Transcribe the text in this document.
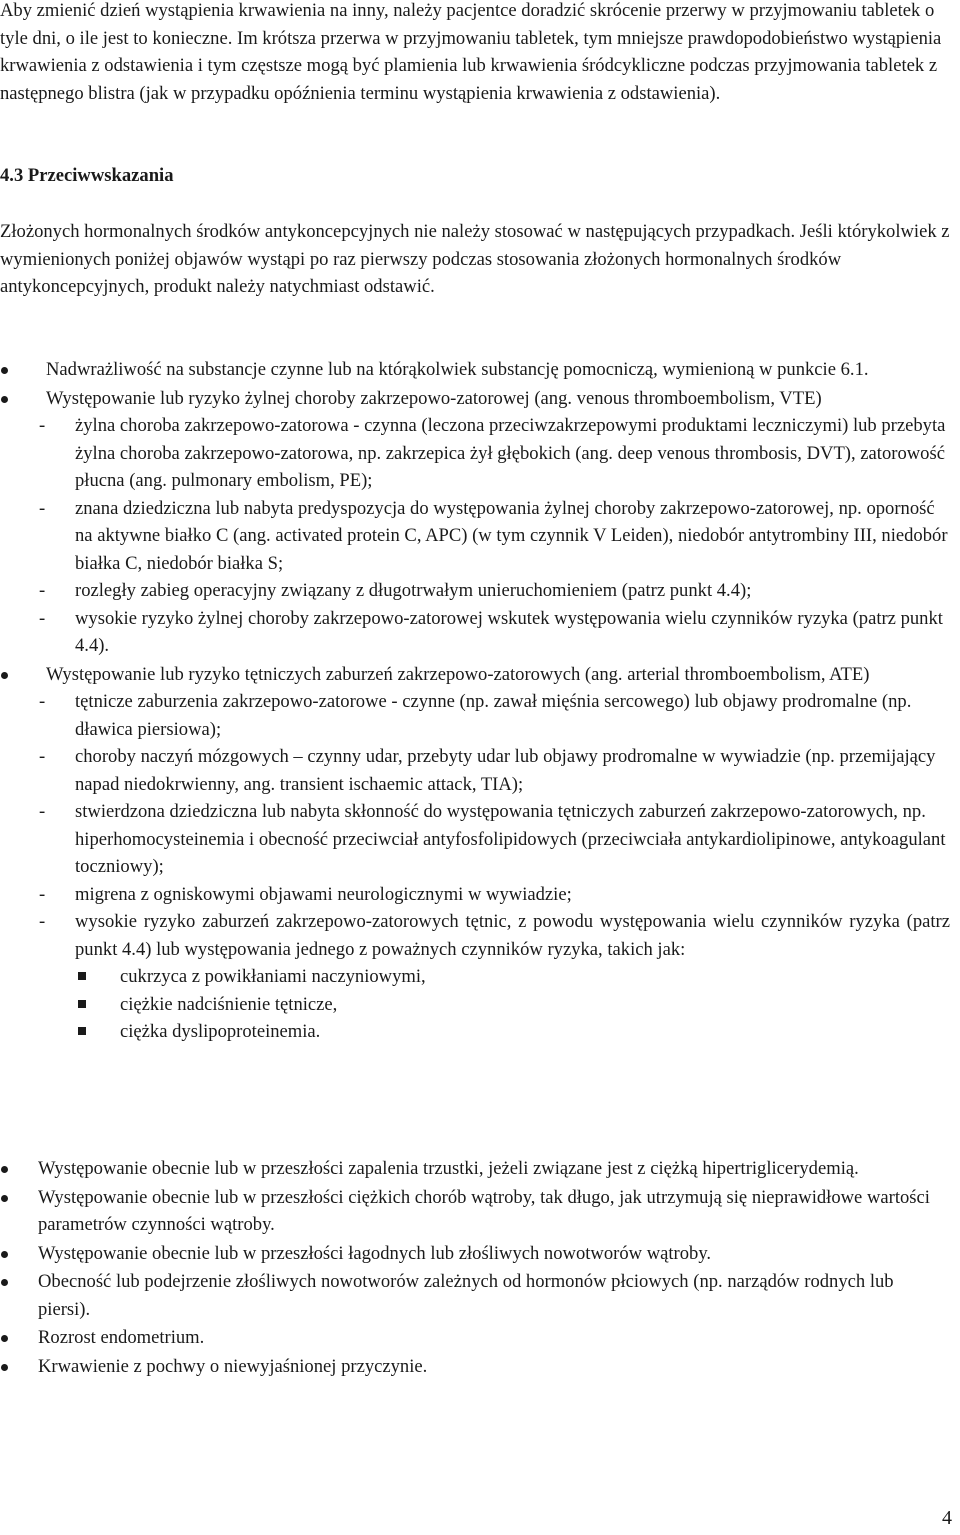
Aby zmienić dzień wystąpienia krwawienia na inny, należy pacjentce doradzić skrócenie przerwy w przyjmowaniu tabletek o tyle dni, o ile jest to konieczne. Im krótsza przerwa w przyjmowaniu tabletek, tym mniejsze prawdopodobieństwo wystąpienia krwawienia z odstawienia i tym częstsze mogą być plamienia lub krwawienia śródcykliczne podczas przyjmowania tabletek z następnego blistra (jak w przypadku opóźnienia terminu wystąpienia krwawienia z odstawienia).
4.3 Przeciwwskazania
Złożonych hormonalnych środków antykoncepcyjnych nie należy stosować w następujących przypadkach. Jeśli którykolwiek z wymienionych poniżej objawów wystąpi po raz pierwszy podczas stosowania złożonych hormonalnych środków antykoncepcyjnych, produkt należy natychmiast odstawić.
Nadwrażliwość na substancje czynne lub na którąkolwiek substancję pomocniczą, wymienioną w punkcie 6.1.
Występowanie lub ryzyko żylnej choroby zakrzepowo-zatorowej (ang. venous thromboembolism, VTE)
- żylna choroba zakrzepowo-zatorowa - czynna (leczona przeciwzakrzepowymi produktami leczniczymi) lub przebyta żylna choroba zakrzepowo-zatorowa, np. zakrzepica żył głębokich (ang. deep venous thrombosis, DVT), zatorowość płucna (ang. pulmonary embolism, PE);
- znana dziedziczna lub nabyta predyspozycja do występowania żylnej choroby zakrzepowo-zatorowej, np. oporność na aktywne białko C (ang. activated protein C, APC) (w tym czynnik V Leiden), niedobór antytrombiny III, niedobór białka C, niedobór białka S;
- rozległy zabieg operacyjny związany z długotrwałym unieruchomieniem (patrz punkt 4.4);
- wysokie ryzyko żylnej choroby zakrzepowo-zatorowej wskutek występowania wielu czynników ryzyka (patrz punkt 4.4).
Występowanie lub ryzyko tętniczych zaburzeń zakrzepowo-zatorowych (ang. arterial thromboembolism, ATE)
- tętnicze zaburzenia zakrzepowo-zatorowe - czynne (np. zawał mięśnia sercowego) lub objawy prodromalne (np. dławica piersiowa);
- choroby naczyń mózgowych – czynny udar, przebyty udar lub objawy prodromalne w wywiadzie (np. przemijający napad niedokrwienny, ang. transient ischaemic attack, TIA);
- stwierdzona dziedziczna lub nabyta skłonność do występowania tętniczych zaburzeń zakrzepowo-zatorowych, np. hiperhomocysteinemia i obecność przeciwciał antyfosfolipidowych (przeciwciała antykardiolipinowe, antykoagulant toczniowy);
- migrena z ogniskowymi objawami neurologicznymi w wywiadzie;
- wysokie ryzyko zaburzeń zakrzepowo-zatorowych tętnic, z powodu występowania wielu czynników ryzyka (patrz punkt 4.4) lub występowania jednego z poważnych czynników ryzyka, takich jak:
cukrzyca z powikłaniami naczyniowymi,
ciężkie nadciśnienie tętnicze,
ciężka dyslipoproteinemia.
Występowanie obecnie lub w przeszłości zapalenia trzustki, jeżeli związane jest z ciężką hipertriglicerydemią.
Występowanie obecnie lub w przeszłości ciężkich chorób wątroby, tak długo, jak utrzymują się nieprawidłowe wartości parametrów czynności wątroby.
Występowanie obecnie lub w przeszłości łagodnych lub złośliwych nowotworów wątroby.
Obecność lub podejrzenie złośliwych nowotworów zależnych od hormonów płciowych (np. narządów rodnych lub piersi).
Rozrost endometrium.
Krwawienie z pochwy o niewyjaśnionej przyczynie.
4
